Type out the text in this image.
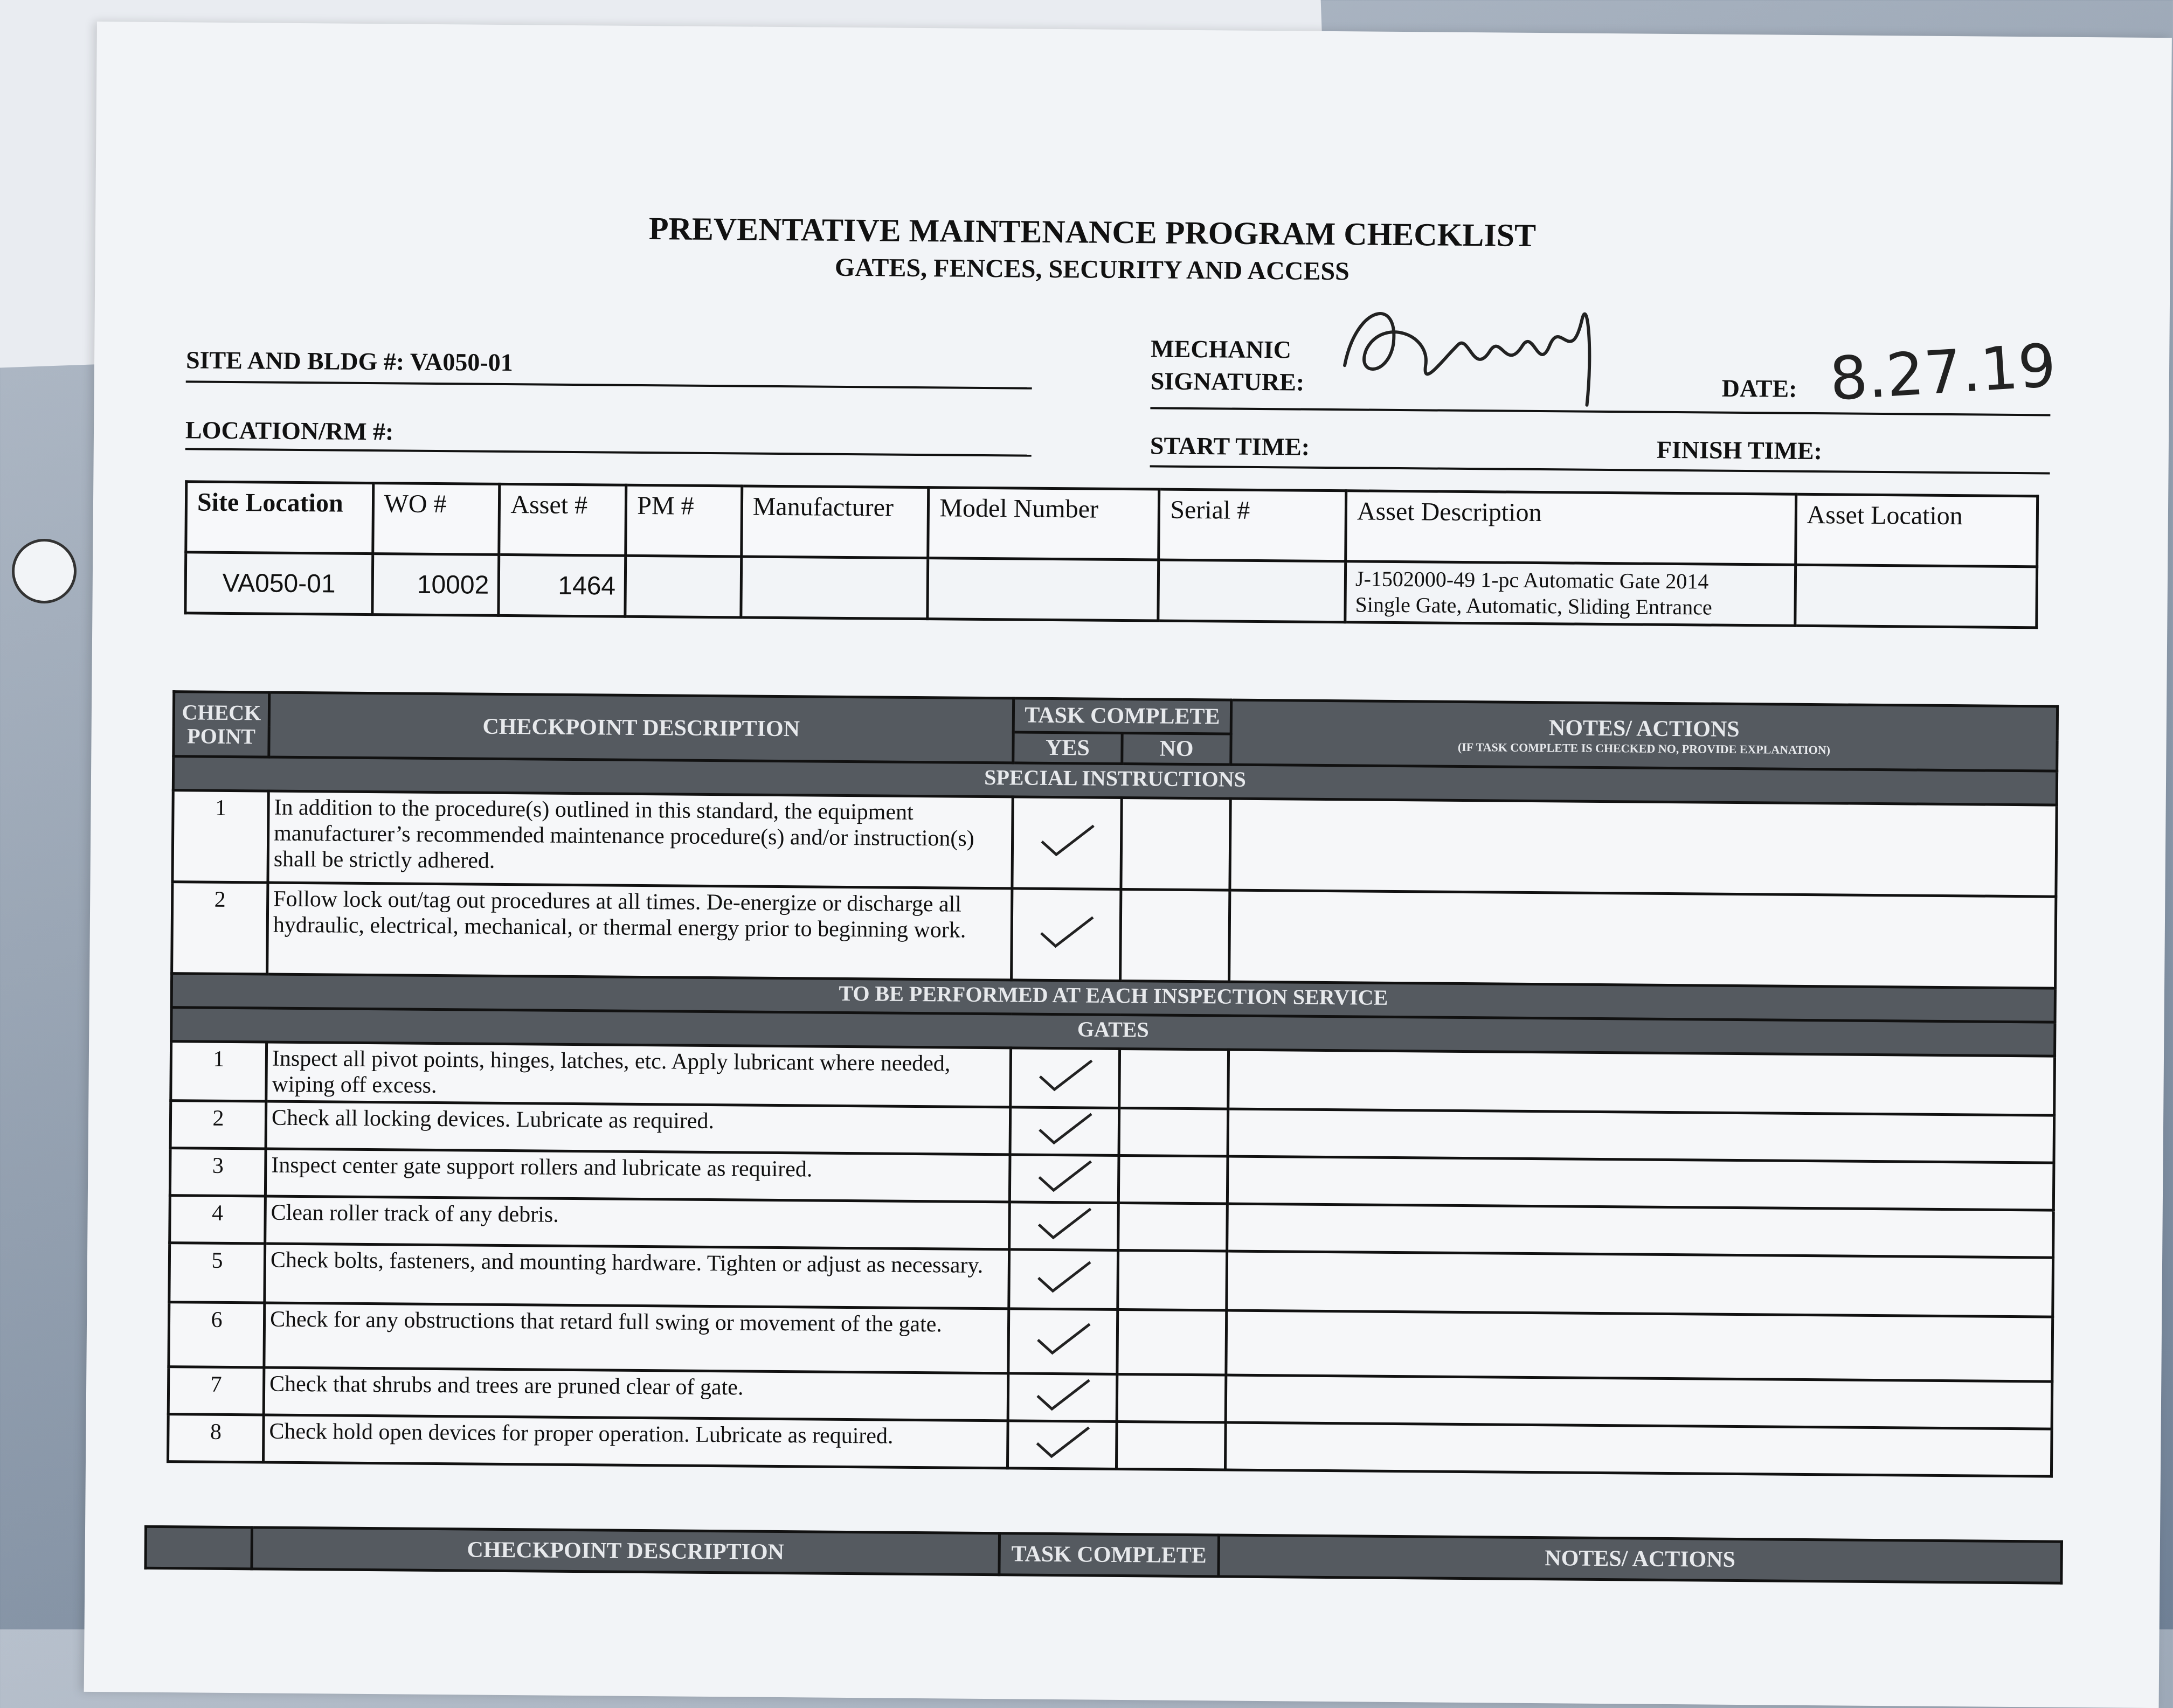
PREVENTATIVE MAINTENANCE PROGRAM CHECKLIST
GATES, FENCES, SECURITY AND ACCESS
SITE AND BLDG #: VA050-01
LOCATION/RM #:
MECHANIC
SIGNATURE:	DATE: 8.27.19
START TIME:	FINISH TIME:
Site Location	WO #	Asset #	PM #	Manufacturer	Model Number	Serial #	Asset Description	Asset Location
VA050-01	10002	1464					J-1502000-49 1-pc Automatic Gate 2014
Single Gate, Automatic, Sliding Entrance	

CHECK POINT	CHECKPOINT DESCRIPTION	TASK COMPLETE		NOTES/ ACTIONS
(IF TASK COMPLETE IS CHECKED NO, PROVIDE EXPLANATION)

		YES	NO	
SPECIAL INSTRUCTIONS				
1	In addition to the procedure(s) outlined in this standard, the equipment manufacturer’s recommended maintenance procedure(s) and/or instruction(s) shall be strictly adhered.			
2	Follow lock out/tag out procedures at all times. De-energize or discharge all hydraulic, electrical, mechanical, or thermal energy prior to beginning work.			
TO BE PERFORMED AT EACH INSPECTION SERVICE				
GATES				
1	Inspect all pivot points, hinges, latches, etc. Apply lubricant where needed, wiping off excess.			
2	Check all locking devices. Lubricate as required.			
3	Inspect center gate support rollers and lubricate as required.			
4	Clean roller track of any debris.			
5	Check bolts, fasteners, and mounting hardware. Tighten or adjust as necessary.			
6	Check for any obstructions that retard full swing or movement of the gate.			
7	Check that shrubs and trees are pruned clear of gate.			
8	Check hold open devices for proper operation. Lubricate as required.			
	CHECKPOINT DESCRIPTION	TASK COMPLETE	NOTES/ ACTIONS
